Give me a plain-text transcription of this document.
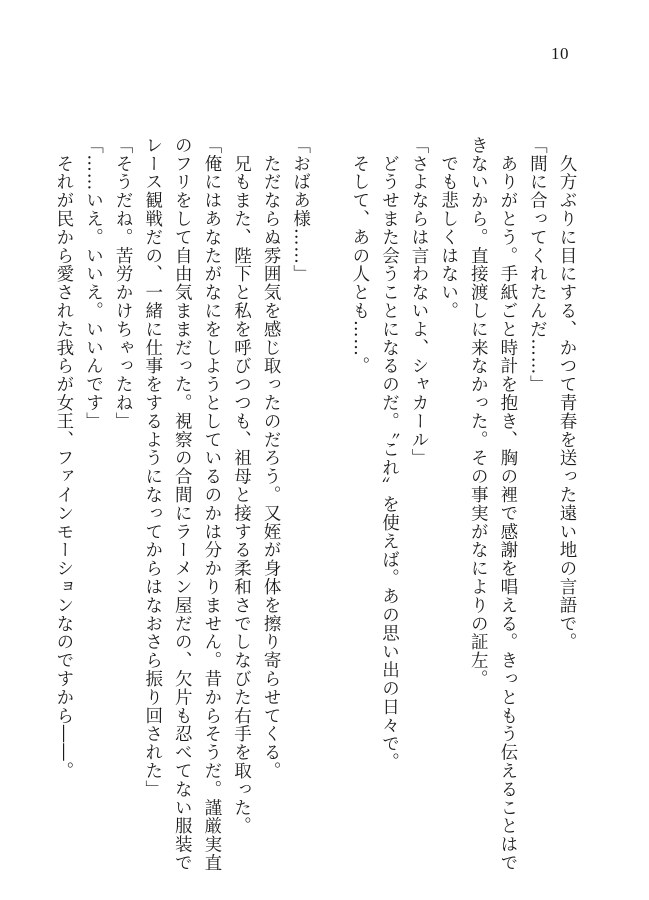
10
　久方ぶりに目にする、かつて青春を送った遠い地の言語で。
「間に合ってくれたんだ……」
　ありがとう。手紙ごと時計を抱き、胸の裡で感謝を唱える。きっともう伝えることはで
きないから。直接渡しに来なかった。その事実がなによりの証左。
　でも悲しくはない。
「さよならは言わないよ、シャカール」
　どうせまた会うことになるのだ。〝これ〟を使えば。あの思い出の日々で。
　そして、あの人とも……。

「おばあ様……」
　ただならぬ雰囲気を感じ取ったのだろう。又姪が身体を擦り寄らせてくる。
　兄もまた、陛下と私を呼びつつも、祖母と接する柔和さでしなびた右手を取った。
「俺にはあなたがなにをしようとしているのかは分かりません。昔からそうだ。謹厳実直
のフリをして自由気ままだった。視察の合間にラーメン屋だの、欠片も忍べてない服装で
レース観戦だの、一緒に仕事をするようになってからはなおさら振り回された」
「そうだね。苦労かけちゃったね」
「……いえ。いいえ。いいんです」
　それが民から愛された我らが女王、ファインモーションなのですから――。
